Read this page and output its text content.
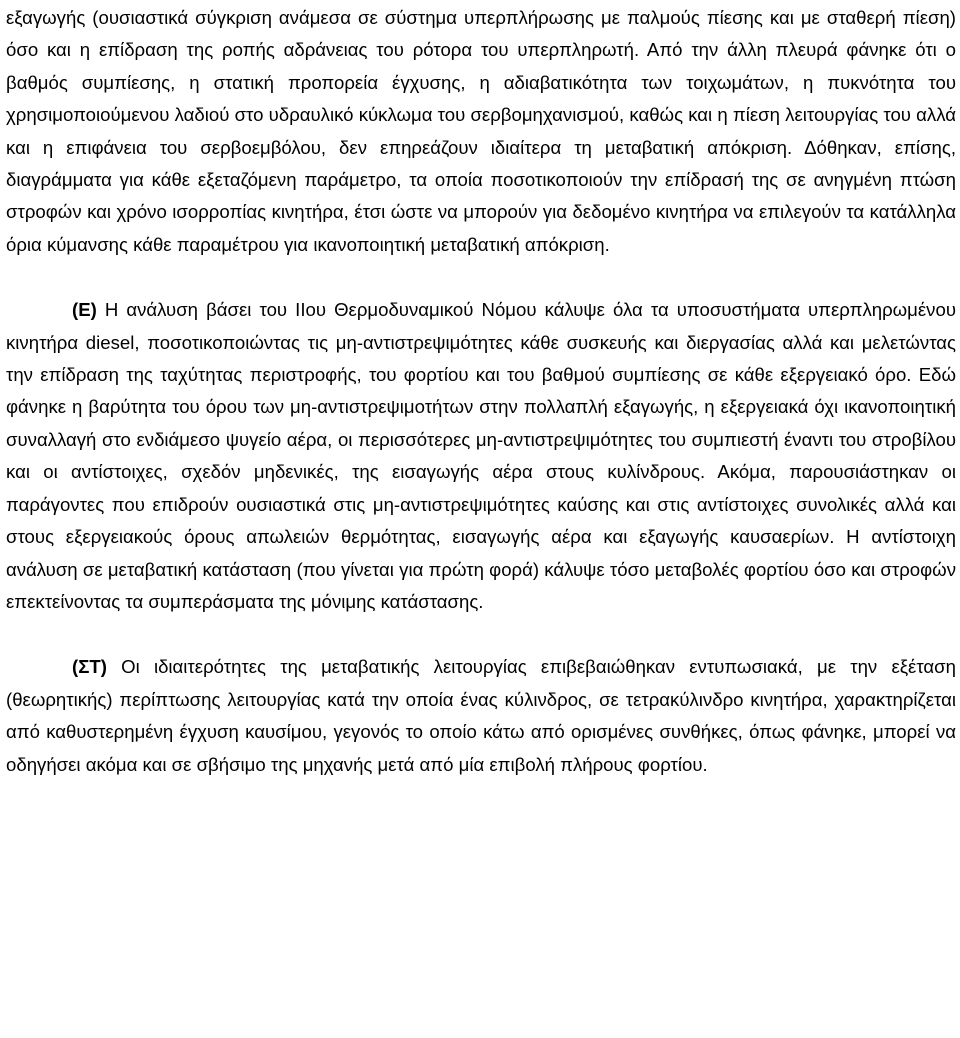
εξαγωγής (ουσιαστικά σύγκριση ανάμεσα σε σύστημα υπερπλήρωσης με παλμούς πίεσης και με σταθερή πίεση) όσο και η επίδραση της ροπής αδράνειας του ρότορα του υπερπληρωτή. Από την άλλη πλευρά φάνηκε ότι ο βαθμός συμπίεσης, η στατική προπορεία έγχυσης, η αδιαβατικότητα των τοιχωμάτων, η πυκνότητα του χρησιμοποιούμενου λαδιού στο υδραυλικό κύκλωμα του σερβομηχανισμού, καθώς και η πίεση λειτουργίας του αλλά και η επιφάνεια του σερβοεμβόλου, δεν επηρεάζουν ιδιαίτερα τη μεταβατική απόκριση. Δόθηκαν, επίσης, διαγράμματα για κάθε εξεταζόμενη παράμετρο, τα οποία ποσοτικοποιούν την επίδρασή της σε ανηγμένη πτώση στροφών και χρόνο ισορροπίας κινητήρα, έτσι ώστε να μπορούν για δεδομένο κινητήρα να επιλεγούν τα κατάλληλα όρια κύμανσης κάθε παραμέτρου για ικανοποιητική μεταβατική απόκριση.

(Ε) Η ανάλυση βάσει του ΙΙου Θερμοδυναμικού Νόμου κάλυψε όλα τα υποσυστήματα υπερπληρωμένου κινητήρα diesel, ποσοτικοποιώντας τις μη-αντιστρεψιμότητες κάθε συσκευής και διεργασίας αλλά και μελετώντας την επίδραση της ταχύτητας περιστροφής, του φορτίου και του βαθμού συμπίεσης σε κάθε εξεργειακό όρο. Εδώ φάνηκε η βαρύτητα του όρου των μη-αντιστρεψιμοτήτων στην πολλαπλή εξαγωγής, η εξεργειακά όχι ικανοποιητική συναλλαγή στο ενδιάμεσο ψυγείο αέρα, οι περισσότερες μη-αντιστρεψιμότητες του συμπιεστή έναντι του στροβίλου και οι αντίστοιχες, σχεδόν μηδενικές, της εισαγωγής αέρα στους κυλίνδρους. Ακόμα, παρουσιάστηκαν οι παράγοντες που επιδρούν ουσιαστικά στις μη-αντιστρεψιμότητες καύσης και στις αντίστοιχες συνολικές αλλά και στους εξεργειακούς όρους απωλειών θερμότητας, εισαγωγής αέρα και εξαγωγής καυσαερίων. Η αντίστοιχη ανάλυση σε μεταβατική κατάσταση (που γίνεται για πρώτη φορά) κάλυψε τόσο μεταβολές φορτίου όσο και στροφών επεκτείνοντας τα συμπεράσματα της μόνιμης κατάστασης.

(ΣΤ) Οι ιδιαιτερότητες της μεταβατικής λειτουργίας επιβεβαιώθηκαν εντυπωσιακά, με την εξέταση (θεωρητικής) περίπτωσης λειτουργίας κατά την οποία ένας κύλινδρος, σε τετρακύλινδρο κινητήρα, χαρακτηρίζεται από καθυστερημένη έγχυση καυσίμου, γεγονός το οποίο κάτω από ορισμένες συνθήκες, όπως φάνηκε, μπορεί να οδηγήσει ακόμα και σε σβήσιμο της μηχανής μετά από μία επιβολή πλήρους φορτίου.
